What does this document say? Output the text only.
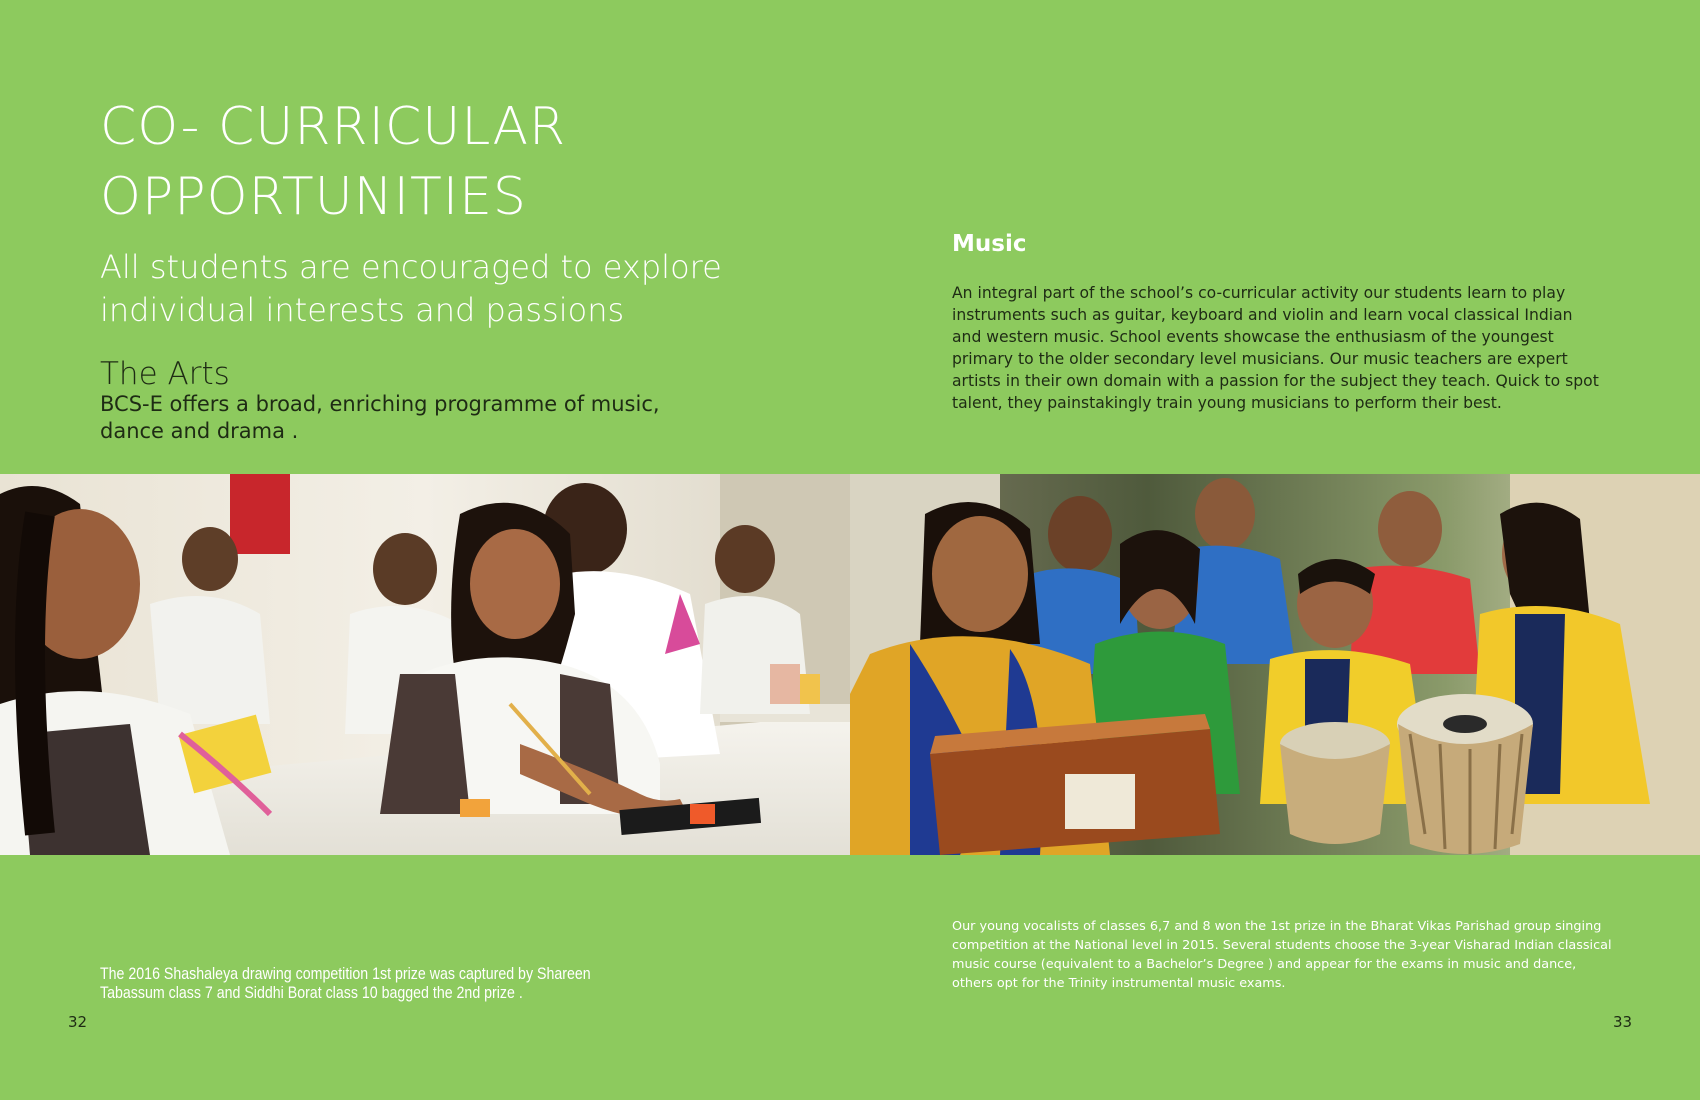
CO- CURRICULAR
OPPORTUNITIES

All students are encouraged to explore individual interests and passions

The Arts

BCS-E offers a broad, enriching programme of music, dance and drama .

Music

An integral part of the school’s co-curricular activity our students learn to play instruments such as guitar, keyboard and violin and learn vocal classical Indian and western music. School events showcase the enthusiasm of the youngest primary to the older secondary level musicians. Our music teachers are expert artists in their own domain with a passion for the subject they teach. Quick to spot talent, they painstakingly train young musicians to perform their best.

The 2016 Shashaleya drawing competition 1st prize was captured by Shareen Tabassum class 7 and Siddhi Borat class 10 bagged the 2nd prize .

Our young vocalists of classes 6,7 and 8 won the 1st prize in the Bharat Vikas Parishad group singing competition at the National level in 2015. Several students choose the 3-year Visharad Indian classical music course (equivalent to a Bachelor’s Degree ) and appear for the exams in music and dance, others opt for the Trinity instrumental music exams.

32	33
